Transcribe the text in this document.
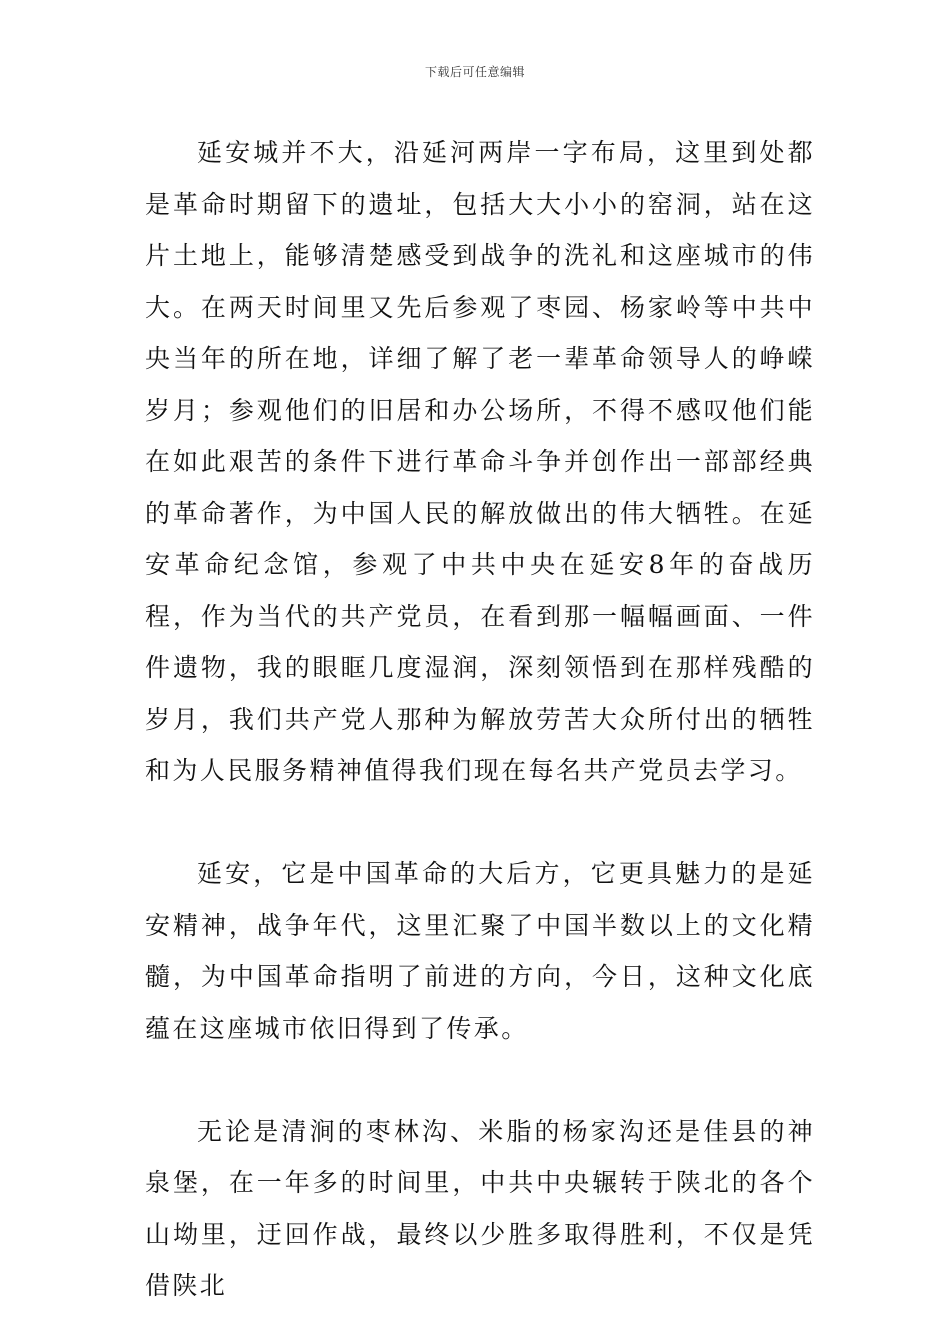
下载后可任意编辑

延安城并不大，沿延河两岸一字布局，这里到处都是革命时期留下的遗址，包括大大小小的窑洞，站在这片土地上，能够清楚感受到战争的洗礼和这座城市的伟大。在两天时间里又先后参观了枣园、杨家岭等中共中央当年的所在地，详细了解了老一辈革命领导人的峥嵘岁月；参观他们的旧居和办公场所，不得不感叹他们能在如此艰苦的条件下进行革命斗争并创作出一部部经典的革命著作，为中国人民的解放做出的伟大牺牲。在延安革命纪念馆，参观了中共中央在延安8年的奋战历程，作为当代的共产党员，在看到那一幅幅画面、一件件遗物，我的眼眶几度湿润，深刻领悟到在那样残酷的岁月，我们共产党人那种为解放劳苦大众所付出的牺牲和为人民服务精神值得我们现在每名共产党员去学习。

延安，它是中国革命的大后方，它更具魅力的是延安精神，战争年代，这里汇聚了中国半数以上的文化精髓，为中国革命指明了前进的方向，今日，这种文化底蕴在这座城市依旧得到了传承。

无论是清涧的枣林沟、米脂的杨家沟还是佳县的神泉堡，在一年多的时间里，中共中央辗转于陕北的各个山坳里，迂回作战，最终以少胜多取得胜利，不仅是凭借陕北
